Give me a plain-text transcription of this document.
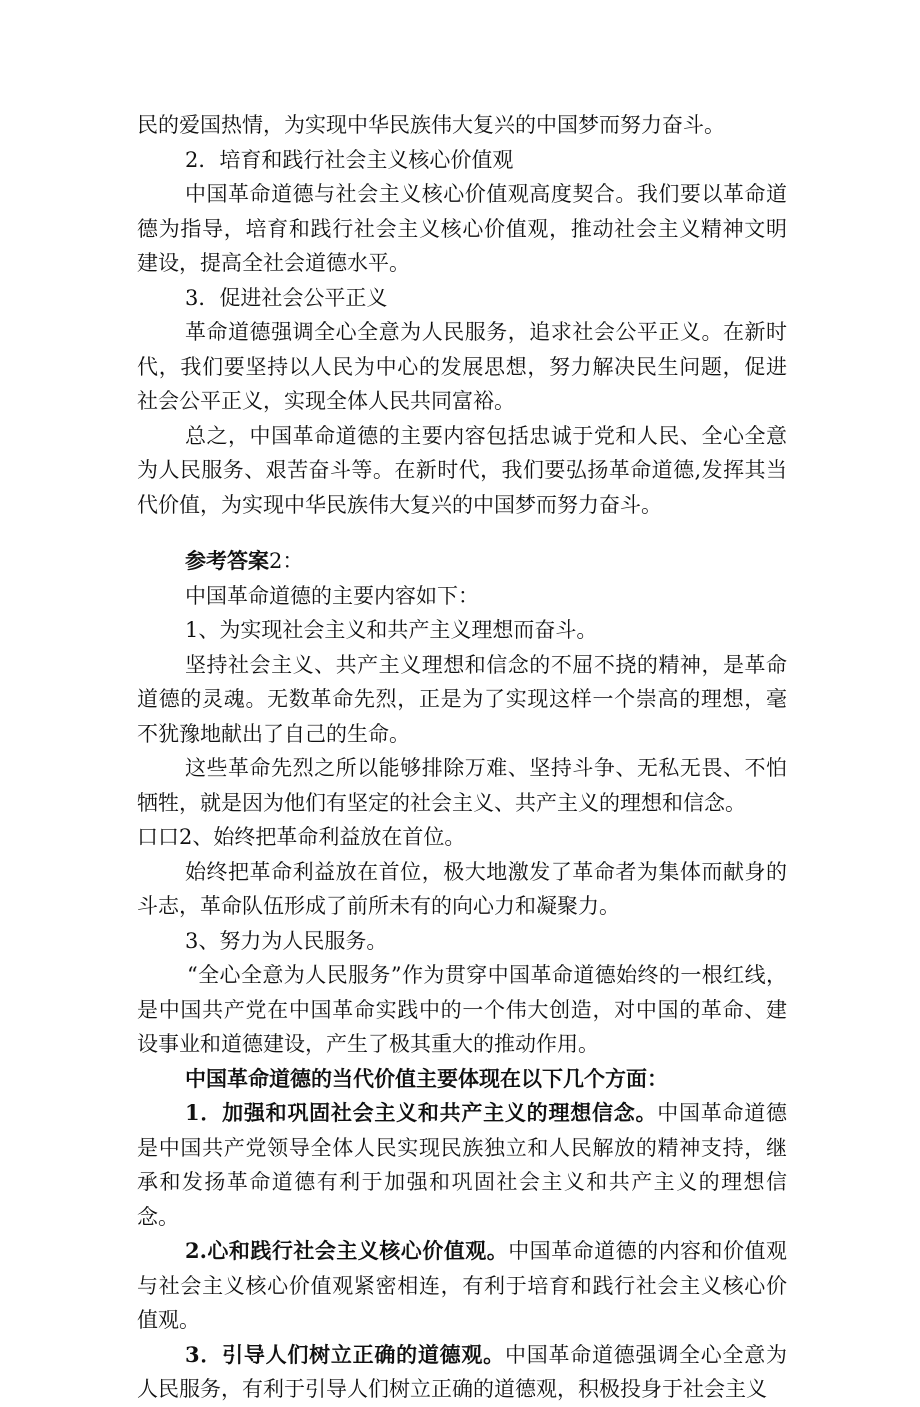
民的爱国热情，为实现中华民族伟大复兴的中国梦而努力奋斗。

2．培育和践行社会主义核心价值观

中国革命道德与社会主义核心价值观高度契合。我们要以革命道德为指导，培育和践行社会主义核心价值观，推动社会主义精神文明建设，提高全社会道德水平。

3．促进社会公平正义

革命道德强调全心全意为人民服务，追求社会公平正义。在新时代，我们要坚持以人民为中心的发展思想，努力解决民生问题，促进社会公平正义，实现全体人民共同富裕。

总之，中国革命道德的主要内容包括忠诚于党和人民、全心全意为人民服务、艰苦奋斗等。在新时代，我们要弘扬革命道德,发挥其当代价值，为实现中华民族伟大复兴的中国梦而努力奋斗。

参考答案2：

中国革命道德的主要内容如下：

1、为实现社会主义和共产主义理想而奋斗。

坚持社会主义、共产主义理想和信念的不屈不挠的精神，是革命道德的灵魂。无数革命先烈，正是为了实现这样一个崇高的理想，毫不犹豫地献出了自己的生命。

这些革命先烈之所以能够排除万难、坚持斗争、无私无畏、不怕牺牲，就是因为他们有坚定的社会主义、共产主义的理想和信念。

口口2、始终把革命利益放在首位。

始终把革命利益放在首位，极大地激发了革命者为集体而献身的斗志，革命队伍形成了前所未有的向心力和凝聚力。

3、努力为人民服务。

“全心全意为人民服务”作为贯穿中国革命道德始终的一根红线，是中国共产党在中国革命实践中的一个伟大创造，对中国的革命、建设事业和道德建设，产生了极其重大的推动作用。

中国革命道德的当代价值主要体现在以下几个方面：

1．加强和巩固社会主义和共产主义的理想信念。中国革命道德是中国共产党领导全体人民实现民族独立和人民解放的精神支持，继承和发扬革命道德有利于加强和巩固社会主义和共产主义的理想信念。

2.心和践行社会主义核心价值观。中国革命道德的内容和价值观与社会主义核心价值观紧密相连，有利于培育和践行社会主义核心价值观。

3．引导人们树立正确的道德观。中国革命道德强调全心全意为人民服务，有利于引导人们树立正确的道德观，积极投身于社会主义
